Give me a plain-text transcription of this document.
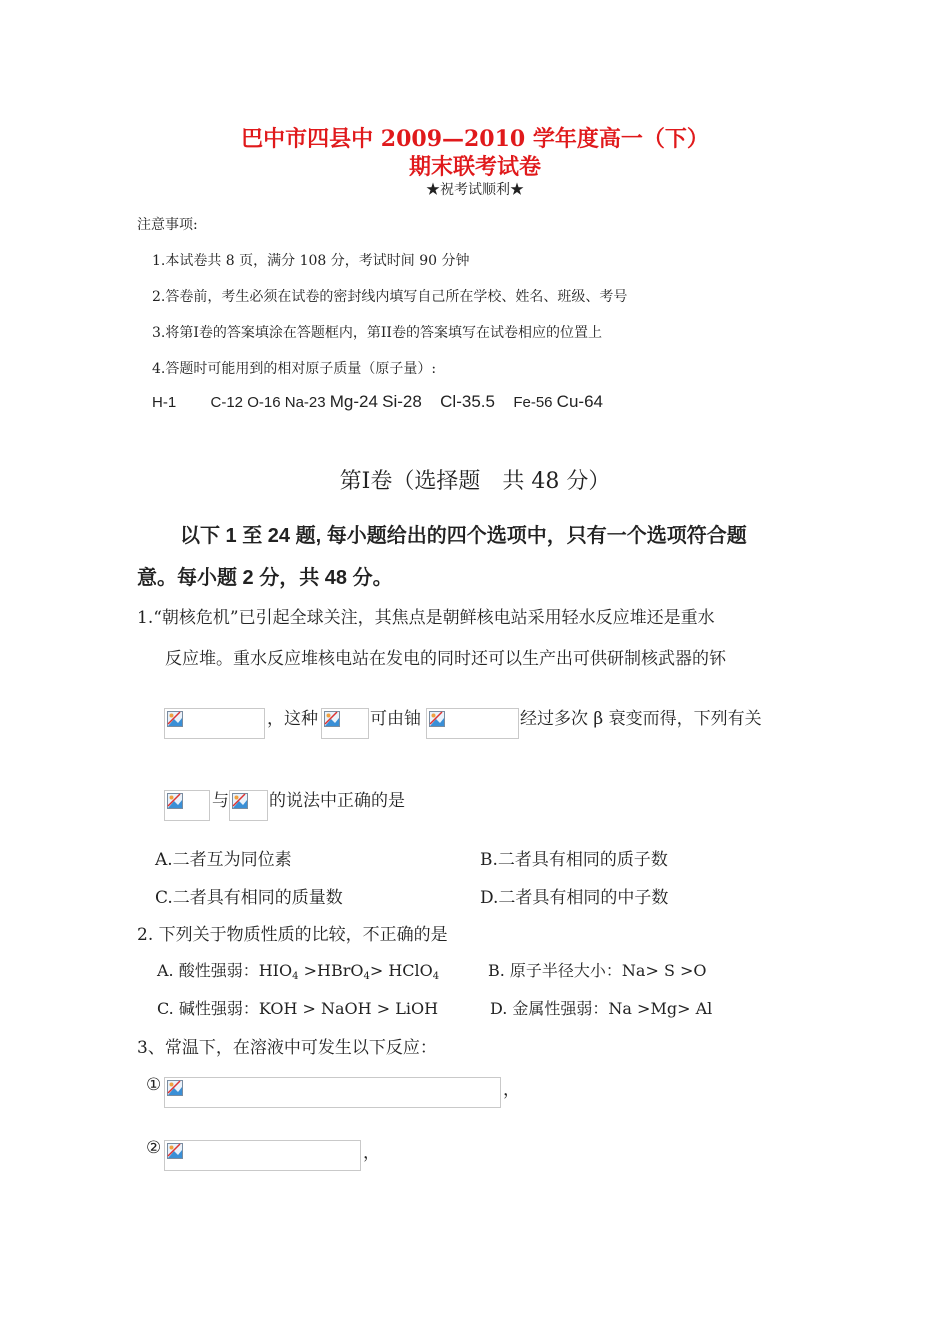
巴中市四县中 2009—2010 学年度高一（下）
期末联考试卷
★祝考试顺利★
注意事项:
1.本试卷共 8 页，满分 108 分，考试时间 90 分钟
2.答卷前，考生必须在试卷的密封线内填写自己所在学校、姓名、班级、考号
3.将第Ⅰ卷的答案填涂在答题框内，第II卷的答案填写在试卷相应的位置上
4.答题时可能用到的相对原子质量（原子量）:
H-1 C-12 O-16 Na-23 Mg-24 Si-28 Cl-35.5 Fe-56 Cu-64
第Ⅰ卷（选择题　共 48 分）
以下 1 至 24 题, 每小题给出的四个选项中，只有一个选项符合题
意。每小题 2 分，共 48 分。
1.“朝核危机”已引起全球关注，其焦点是朝鲜核电站采用轻水反应堆还是重水
反应堆。重水反应堆核电站在发电的同时还可以生产出可供研制核武器的钚
，这种	可由铀	经过多次 β 衰变而得，下列有关
与 的说法中正确的是
A.二者互为同位素	B.二者具有相同的质子数
C.二者具有相同的质量数	D.二者具有相同的中子数
2. 下列关于物质性质的比较，不正确的是
A. 酸性强弱：$HIO_4$ >HBrO$_4$> HClO$_4$	B. 原子半径大小：Na> S >O
C. 碱性强弱：KOH > NaOH > LiOH	D. 金属性强弱：Na >Mg> Al
3、常温下，在溶液中可发生以下反应：
①	，
②	，
